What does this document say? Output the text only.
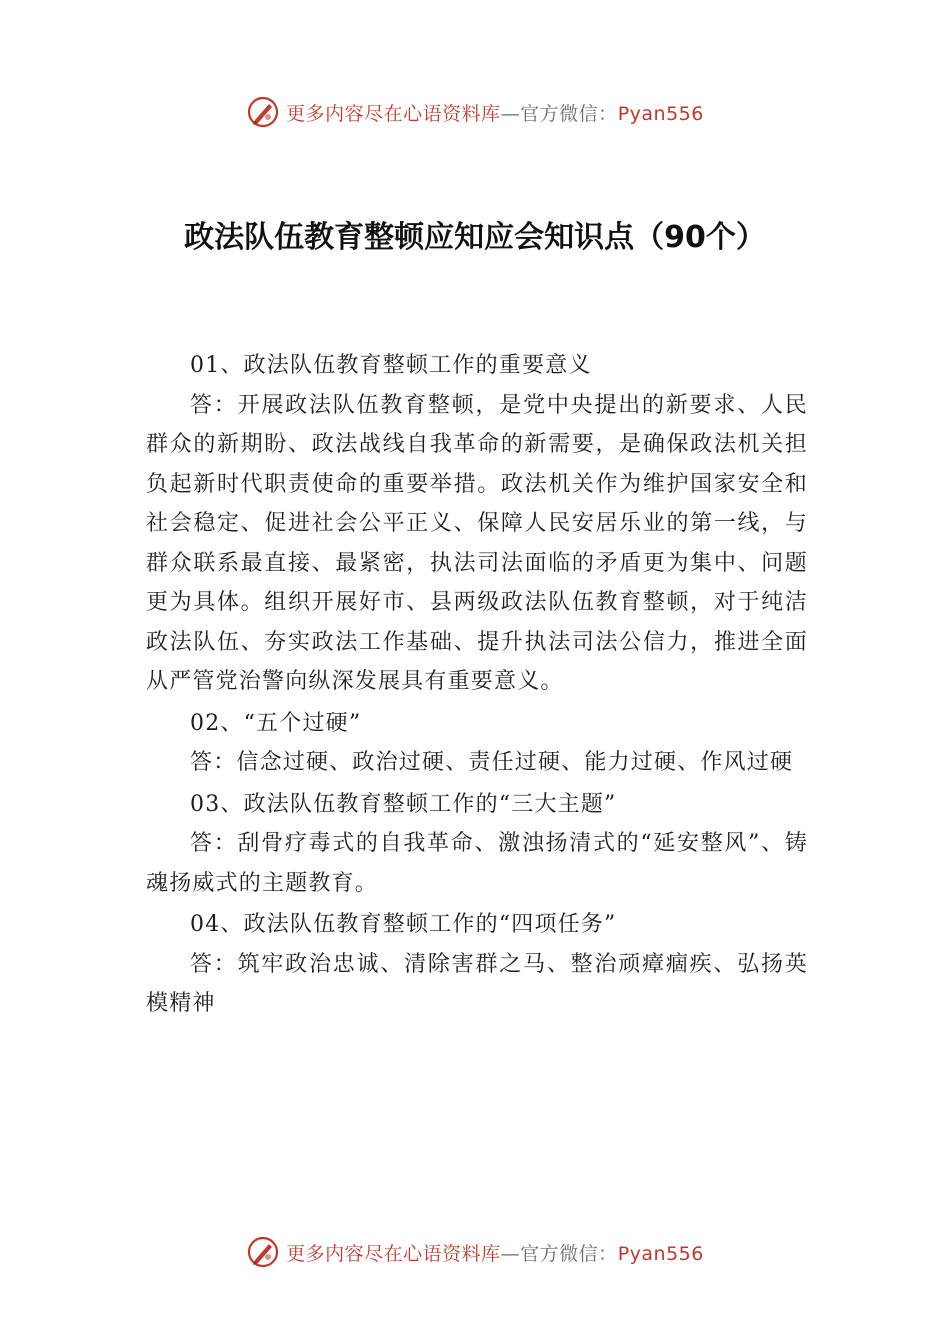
更多内容尽在心语资料库—官方微信：Pyan556
政法队伍教育整顿应知应会知识点（90个）

01、政法队伍教育整顿工作的重要意义

答：开展政法队伍教育整顿，是党中央提出的新要求、人民群众的新期盼、政法战线自我革命的新需要，是确保政法机关担负起新时代职责使命的重要举措。政法机关作为维护国家安全和社会稳定、促进社会公平正义、保障人民安居乐业的第一线，与群众联系最直接、最紧密，执法司法面临的矛盾更为集中、问题更为具体。组织开展好市、县两级政法队伍教育整顿，对于纯洁政法队伍、夯实政法工作基础、提升执法司法公信力，推进全面从严管党治警向纵深发展具有重要意义。

02、“五个过硬”

答：信念过硬、政治过硬、责任过硬、能力过硬、作风过硬

03、政法队伍教育整顿工作的“三大主题”

答：刮骨疗毒式的自我革命、激浊扬清式的“延安整风”、铸魂扬威式的主题教育。

04、政法队伍教育整顿工作的“四项任务”

答：筑牢政治忠诚、清除害群之马、整治顽瘴痼疾、弘扬英模精神

更多内容尽在心语资料库—官方微信：Pyan556
